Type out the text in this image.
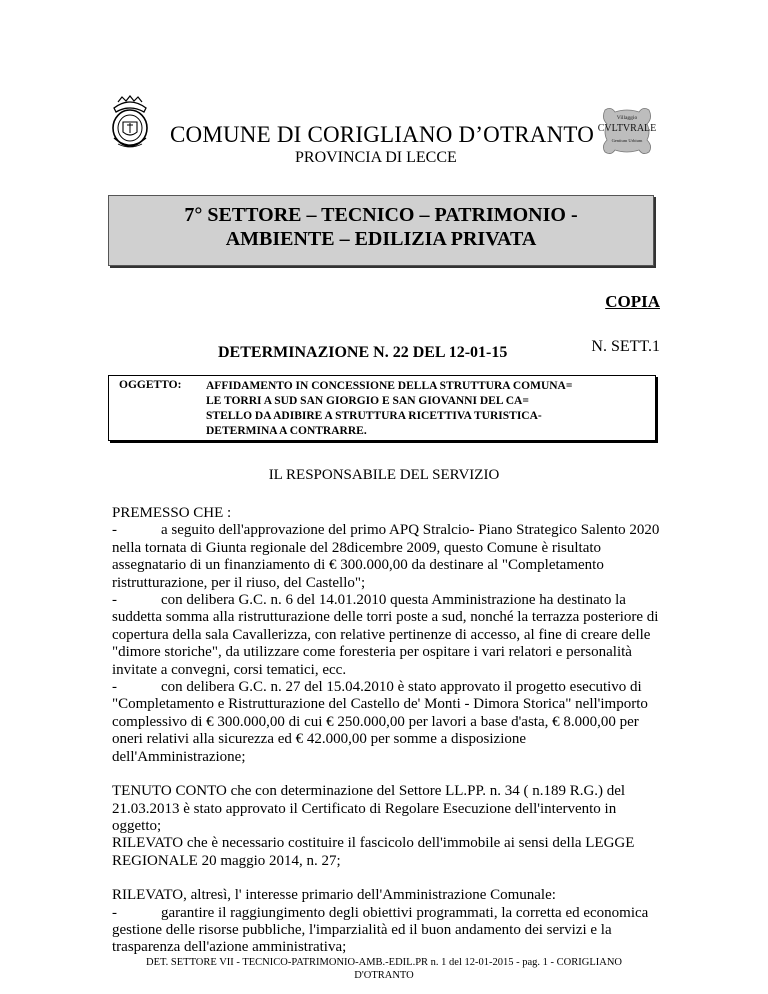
Villaggio
CVLTVRALE
Gentium Urbium
COMUNE DI CORIGLIANO D’OTRANTO
PROVINCIA DI LECCE
7° SETTORE – TECNICO – PATRIMONIO -
AMBIENTE – EDILIZIA PRIVATA
COPIA
N. SETT.1
DETERMINAZIONE N. 22 DEL 12-01-15
OGGETTO: AFFIDAMENTO IN CONCESSIONE DELLA STRUTTURA COMUNA=
LE TORRI A SUD SAN GIORGIO E SAN GIOVANNI DEL CA=
STELLO DA ADIBIRE A STRUTTURA RICETTIVA TURISTICA-
DETERMINA A CONTRARRE.
IL RESPONSABILE DEL SERVIZIO

PREMESSO CHE :

-	a seguito dell'approvazione del primo APQ Stralcio- Piano Strategico Salento 2020 nella tornata di Giunta regionale del 28dicembre 2009, questo Comune è risultato assegnatario di un finanziamento di € 300.000,00 da destinare al "Completamento ristrutturazione, per il riuso, del Castello";

-	con delibera G.C. n. 6 del 14.01.2010 questa Amministrazione ha destinato la suddetta somma alla ristrutturazione delle torri poste a sud, nonché la terrazza posteriore di copertura della sala Cavallerizza, con relative pertinenze di accesso, al fine di creare delle "dimore storiche", da utilizzare come foresteria per ospitare i vari relatori e personalità invitate a convegni, corsi tematici, ecc.

-	con delibera G.C. n. 27 del 15.04.2010 è stato approvato il progetto esecutivo di "Completamento e Ristrutturazione del Castello de' Monti - Dimora Storica" nell'importo complessivo di € 300.000,00 di cui € 250.000,00 per lavori a base d'asta, € 8.000,00 per oneri relativi alla sicurezza ed € 42.000,00 per somme a disposizione dell'Amministrazione;

TENUTO CONTO che con determinazione del Settore LL.PP. n. 34 ( n.189 R.G.) del 21.03.2013 è stato approvato il Certificato di Regolare Esecuzione dell'intervento in oggetto;

RILEVATO che è necessario costituire il fascicolo dell'immobile ai sensi della LEGGE REGIONALE 20 maggio 2014, n. 27;

RILEVATO, altresì, l' interesse primario dell'Amministrazione Comunale:

-	garantire il raggiungimento degli obiettivi programmati, la corretta ed economica gestione delle risorse pubbliche, l'imparzialità ed il buon andamento dei servizi e la trasparenza dell'azione amministrativa;

DET. SETTORE VII - TECNICO-PATRIMONIO-AMB.-EDIL.PR n. 1 del 12-01-2015 - pag. 1 - CORIGLIANO
D'OTRANTO
